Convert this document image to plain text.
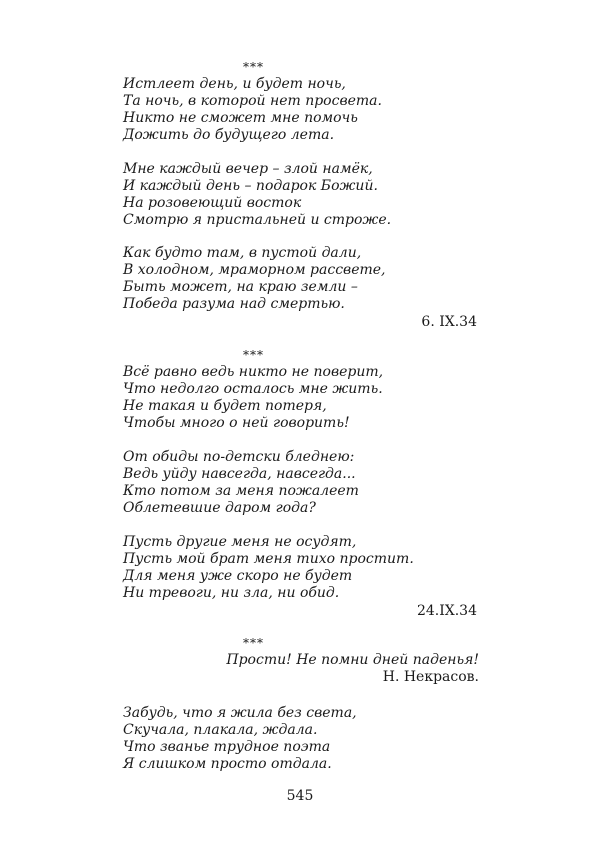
***
Истлеет день, и будет ночь,
Та ночь, в которой нет просвета.
Никто не сможет мне помочь
Дожить до будущего лета.
Мне каждый вечер – злой намёк,
И каждый день – подарок Божий.
На розовеющий восток
Смотрю я пристальней и строже.
Как будто там, в пустой дали,
В холодном, мраморном рассвете,
Быть может, на краю земли –
Победа разума над смертью.
6. IX.34
***
Всё равно ведь никто не поверит,
Что недолго осталось мне жить.
Не такая и будет потеря,
Чтобы много о ней говорить!
От обиды по-детски бледнею:
Ведь уйду навсегда, навсегда...
Кто потом за меня пожалеет
Облетевшие даром года?
Пусть другие меня не осудят,
Пусть мой брат меня тихо простит.
Для меня уже скоро не будет
Ни тревоги, ни зла, ни обид.
24.IX.34
***
Прости! Не помни дней паденья!
Н. Некрасов.
Забудь, что я жила без света,
Скучала, плакала, ждала.
Что званье трудное поэта
Я слишком просто отдала.
545
